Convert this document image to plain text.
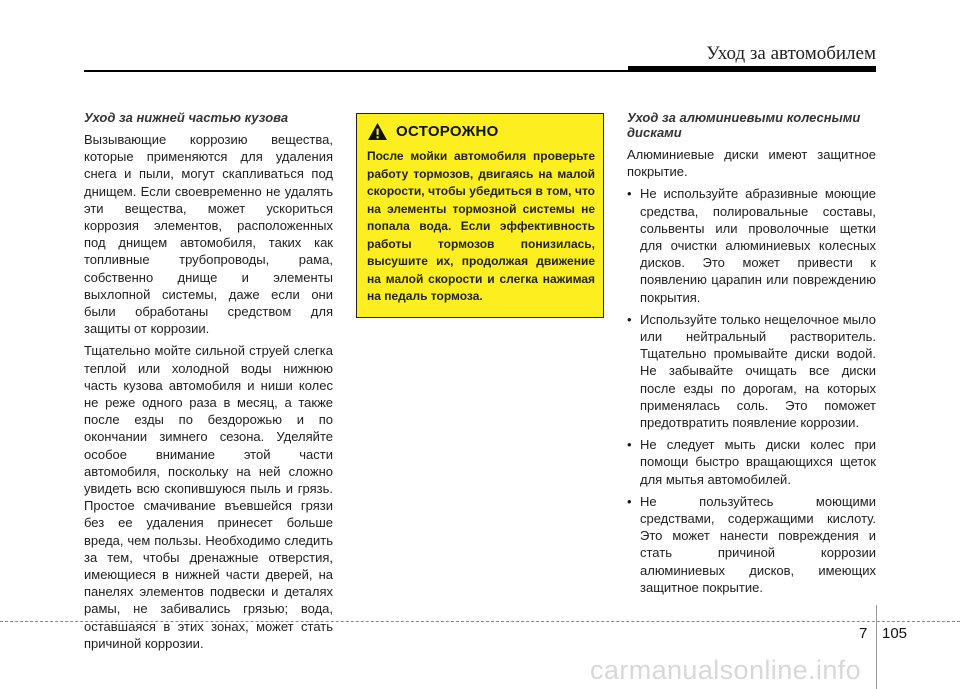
Уход за автомобилем
Уход за нижней частью кузова

Вызывающие коррозию вещества, которые применяются для удаления снега и пыли, могут скапливаться под днищем. Если своевременно не удалять эти вещества, может ускориться коррозия элементов, расположенных под днищем автомобиля, таких как топливные трубопроводы, рама, собственно днище и элементы выхлопной системы, даже если они были обработаны средством для защиты от коррозии.

Тщательно мойте сильной струей слегка теплой или холодной воды нижнюю часть кузова автомобиля и ниши колес не реже одного раза в месяц, а также после езды по бездорожью и по окончании зимнего сезона. Уделяйте особое внимание этой части автомобиля, поскольку на ней сложно увидеть всю скопившуюся пыль и грязь. Простое смачивание въевшейся грязи без ее удаления принесет больше вреда, чем пользы. Необходимо следить за тем, чтобы дренажные отверстия, имеющиеся в нижней части дверей, на панелях элементов подвески и деталях рамы, не забивались грязью; вода, оставшаяся в этих зонах, может стать причиной коррозии.

ОСТОРОЖНО

После мойки автомобиля проверьте работу тормозов, двигаясь на малой скорости, чтобы убедиться в том, что на элементы тормозной системы не попала вода. Если эффективность работы тормозов понизилась, высушите их, продолжая движение на малой скорости и слегка нажимая на педаль тормоза.

Уход за алюминиевыми колесными дисками

Алюминиевые диски имеют защитное покрытие.

• Не используйте абразивные моющие средства, полировальные составы, сольвенты или проволочные щетки для очистки алюминиевых колесных дисков. Это может привести к появлению царапин или повреждению покрытия.

• Используйте только нещелочное мыло или нейтральный растворитель. Тщательно промывайте диски водой. Не забывайте очищать все диски после езды по дорогам, на которых применялась соль. Это поможет предотвратить появление коррозии.

• Не следует мыть диски колес при помощи быстро вращающихся щеток для мытья автомобилей.

• Не пользуйтесь моющими средствами, содержащими кислоту. Это может нанести повреждения и стать причиной коррозии алюминиевых дисков, имеющих защитное покрытие.

7 105
carmanualsonline.info
